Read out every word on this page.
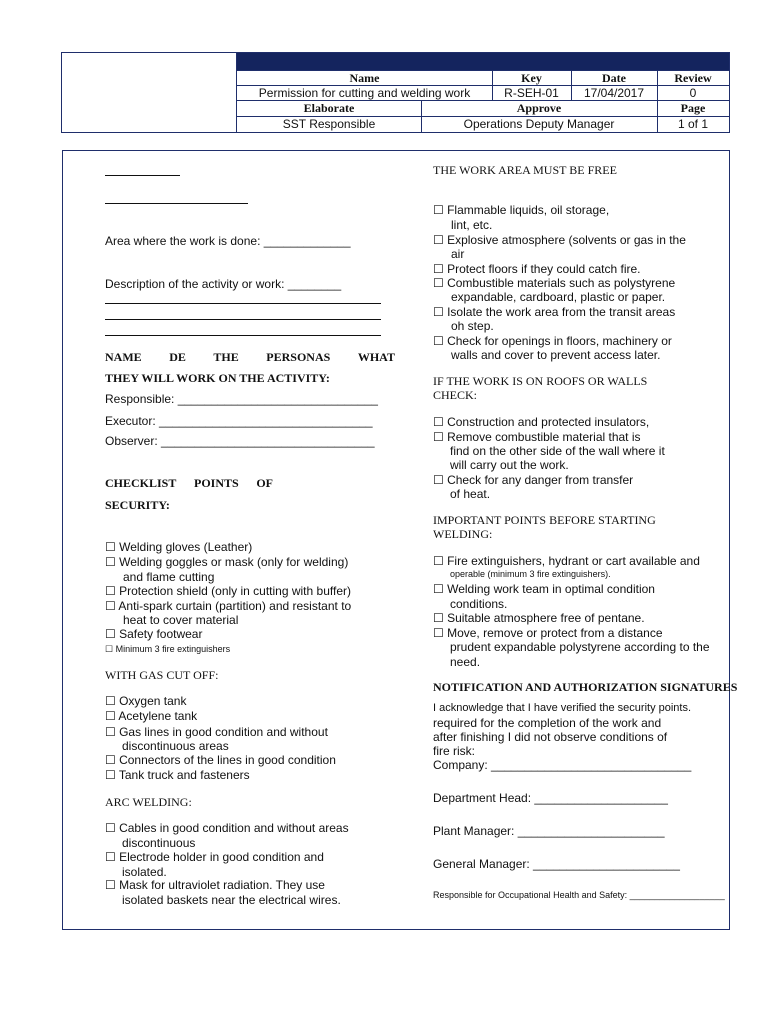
Name	Key	Date	Review
Permission for cutting and welding work	R-SEH-01	17/04/2017	0
Elaborate	Approve	Page
SST Responsible	Operations Deputy Manager	1 of 1
Area where the work is done: _____________
Description of the activity or work: ________
NAME DE THE PERSONAS WHAT
THEY WILL WORK ON THE ACTIVITY:
Responsible: ______________________________
Executor: ________________________________
Observer: ________________________________
CHECKLIST POINTS OF
SECURITY:
☐ Welding gloves (Leather)
☐ Welding goggles or mask (only for welding)
and flame cutting
☐ Protection shield (only in cutting with buffer)
☐ Anti-spark curtain (partition) and resistant to
heat to cover material
☐ Safety footwear
☐ Minimum 3 fire extinguishers
WITH GAS CUT OFF:
☐ Oxygen tank
☐ Acetylene tank
☐ Gas lines in good condition and without
discontinuous areas
☐ Connectors of the lines in good condition
☐ Tank truck and fasteners
ARC WELDING:
☐ Cables in good condition and without areas
discontinuous
☐ Electrode holder in good condition and
isolated.
☐ Mask for ultraviolet radiation. They use
isolated baskets near the electrical wires.
THE WORK AREA MUST BE FREE
☐ Flammable liquids, oil storage,
lint, etc.
☐ Explosive atmosphere (solvents or gas in the
air
☐ Protect floors if they could catch fire.
☐ Combustible materials such as polystyrene
expandable, cardboard, plastic or paper.
☐ Isolate the work area from the transit areas
oh step.
☐ Check for openings in floors, machinery or
walls and cover to prevent access later.
IF THE WORK IS ON ROOFS OR WALLS
CHECK:
☐ Construction and protected insulators,
☐ Remove combustible material that is
find on the other side of the wall where it
will carry out the work.
☐ Check for any danger from transfer
of heat.
IMPORTANT POINTS BEFORE STARTING
WELDING:
☐ Fire extinguishers, hydrant or cart available and
operable (minimum 3 fire extinguishers).
☐ Welding work team in optimal condition
conditions.
☐ Suitable atmosphere free of pentane.
☐ Move, remove or protect from a distance
prudent expandable polystyrene according to the
need.
NOTIFICATION AND AUTHORIZATION SIGNATURES
I acknowledge that I have verified the security points.
required for the completion of the work and
after finishing I did not observe conditions of
fire risk:
Company: ______________________________
Department Head: ____________________
Plant Manager: ______________________
General Manager: ______________________
Responsible for Occupational Health and Safety: ___________________
